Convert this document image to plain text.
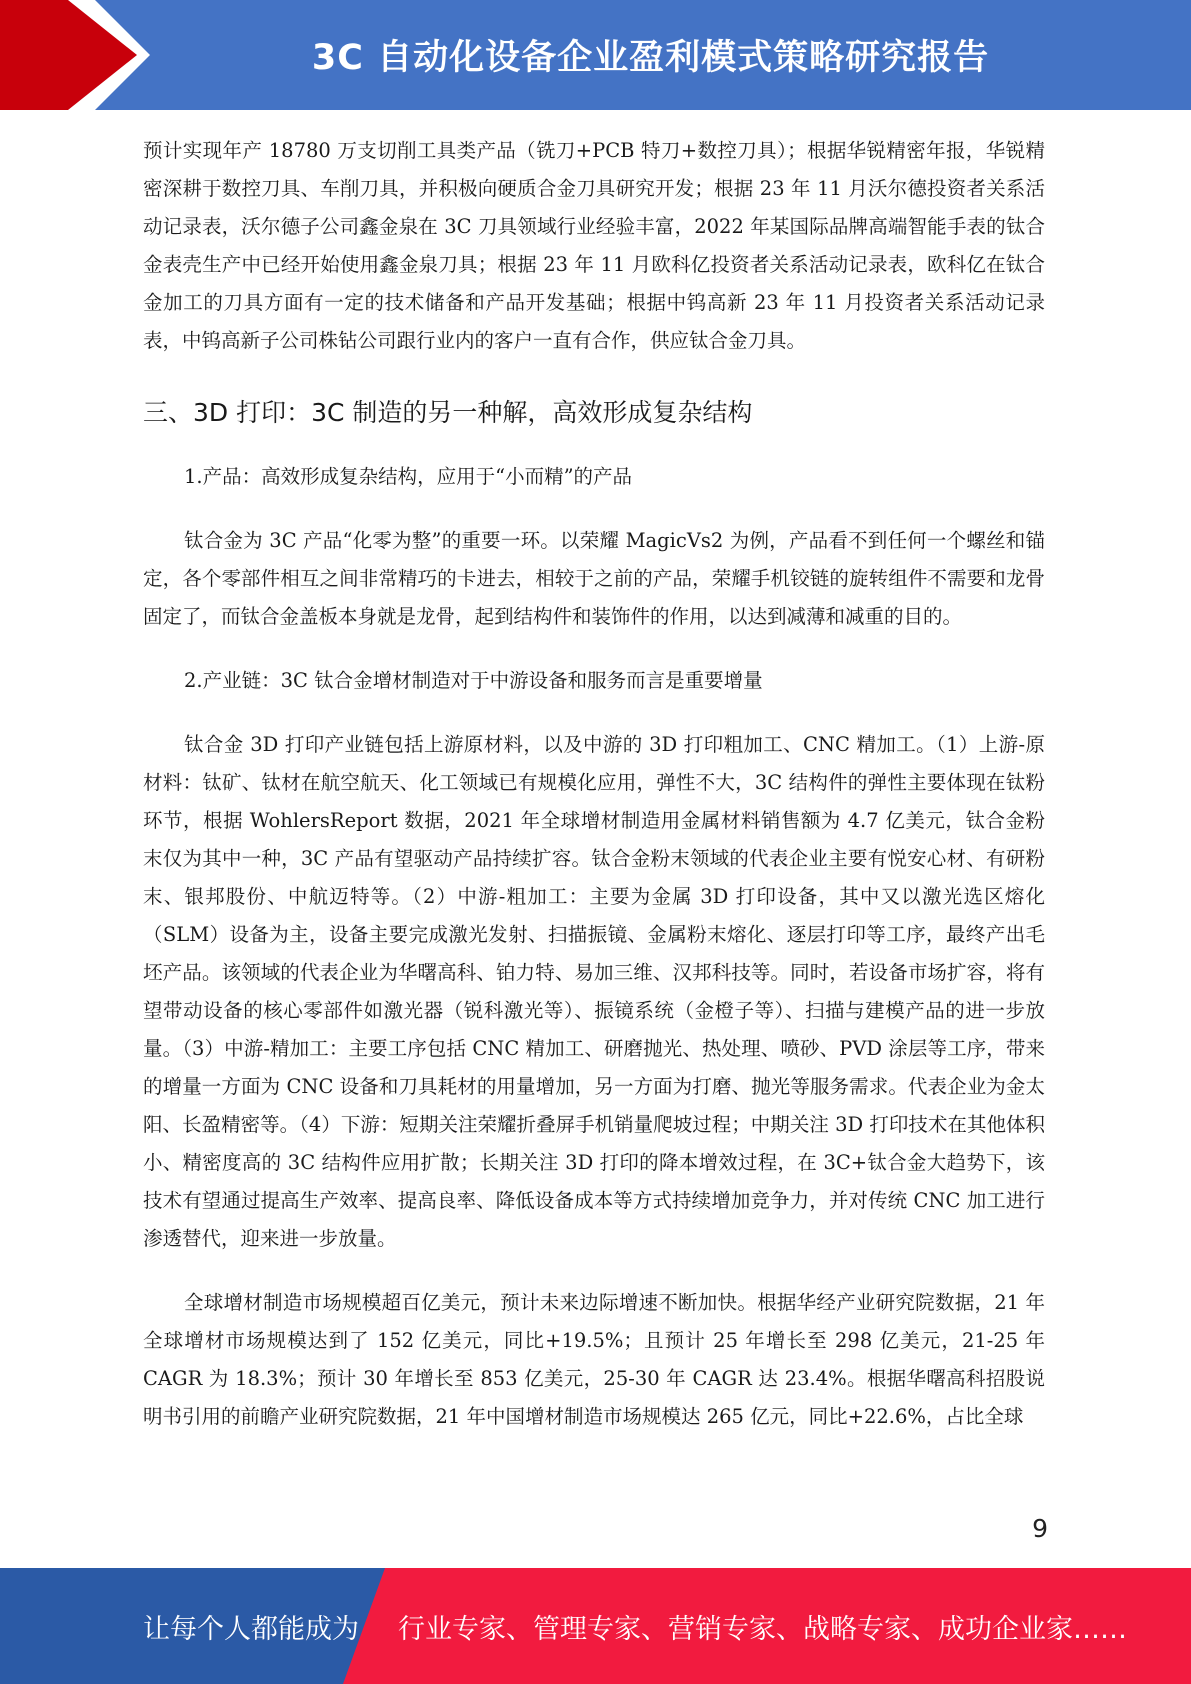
3C 自动化设备企业盈利模式策略研究报告

预计实现年产 18780 万支切削工具类产品（铣刀+PCB 特刀+数控刀具）；根据华锐精密年报，华锐精密深耕于数控刀具、车削刀具，并积极向硬质合金刀具研究开发；根据 23 年 11 月沃尔德投资者关系活动记录表，沃尔德子公司鑫金泉在 3C 刀具领域行业经验丰富，2022 年某国际品牌高端智能手表的钛合金表壳生产中已经开始使用鑫金泉刀具；根据 23 年 11 月欧科亿投资者关系活动记录表，欧科亿在钛合金加工的刀具方面有一定的技术储备和产品开发基础；根据中钨高新 23 年 11 月投资者关系活动记录表，中钨高新子公司株钻公司跟行业内的客户一直有合作，供应钛合金刀具。

三、3D 打印：3C 制造的另一种解，高效形成复杂结构

1.产品：高效形成复杂结构，应用于“小而精”的产品

钛合金为 3C 产品“化零为整”的重要一环。以荣耀 MagicVs2 为例，产品看不到任何一个螺丝和锚定，各个零部件相互之间非常精巧的卡进去，相较于之前的产品，荣耀手机铰链的旋转组件不需要和龙骨固定了，而钛合金盖板本身就是龙骨，起到结构件和装饰件的作用，以达到减薄和减重的目的。

2.产业链：3C 钛合金增材制造对于中游设备和服务而言是重要增量

钛合金 3D 打印产业链包括上游原材料，以及中游的 3D 打印粗加工、CNC 精加工。（1）上游-原材料：钛矿、钛材在航空航天、化工领域已有规模化应用，弹性不大，3C 结构件的弹性主要体现在钛粉环节，根据 WohlersReport 数据，2021 年全球增材制造用金属材料销售额为 4.7 亿美元，钛合金粉末仅为其中一种，3C 产品有望驱动产品持续扩容。钛合金粉末领域的代表企业主要有悦安心材、有研粉末、银邦股份、中航迈特等。（2）中游-粗加工：主要为金属 3D 打印设备，其中又以激光选区熔化（SLM）设备为主，设备主要完成激光发射、扫描振镜、金属粉末熔化、逐层打印等工序，最终产出毛坯产品。该领域的代表企业为华曙高科、铂力特、易加三维、汉邦科技等。同时，若设备市场扩容，将有望带动设备的核心零部件如激光器（锐科激光等）、振镜系统（金橙子等）、扫描与建模产品的进一步放量。（3）中游-精加工：主要工序包括 CNC 精加工、研磨抛光、热处理、喷砂、PVD 涂层等工序，带来的增量一方面为 CNC 设备和刀具耗材的用量增加，另一方面为打磨、抛光等服务需求。代表企业为金太阳、长盈精密等。（4）下游：短期关注荣耀折叠屏手机销量爬坡过程；中期关注 3D 打印技术在其他体积小、精密度高的 3C 结构件应用扩散；长期关注 3D 打印的降本增效过程，在 3C+钛合金大趋势下，该技术有望通过提高生产效率、提高良率、降低设备成本等方式持续增加竞争力，并对传统 CNC 加工进行渗透替代，迎来进一步放量。

全球增材制造市场规模超百亿美元，预计未来边际增速不断加快。根据华经产业研究院数据，21 年全球增材市场规模达到了 152 亿美元，同比+19.5%；且预计 25 年增长至 298 亿美元，21-25 年 CAGR 为 18.3%；预计 30 年增长至 853 亿美元，25-30 年 CAGR 达 23.4%。根据华曙高科招股说明书引用的前瞻产业研究院数据，21 年中国增材制造市场规模达 265 亿元，同比+22.6%，占比全球

9
让每个人都能成为 行业专家、管理专家、营销专家、战略专家、成功企业家……
